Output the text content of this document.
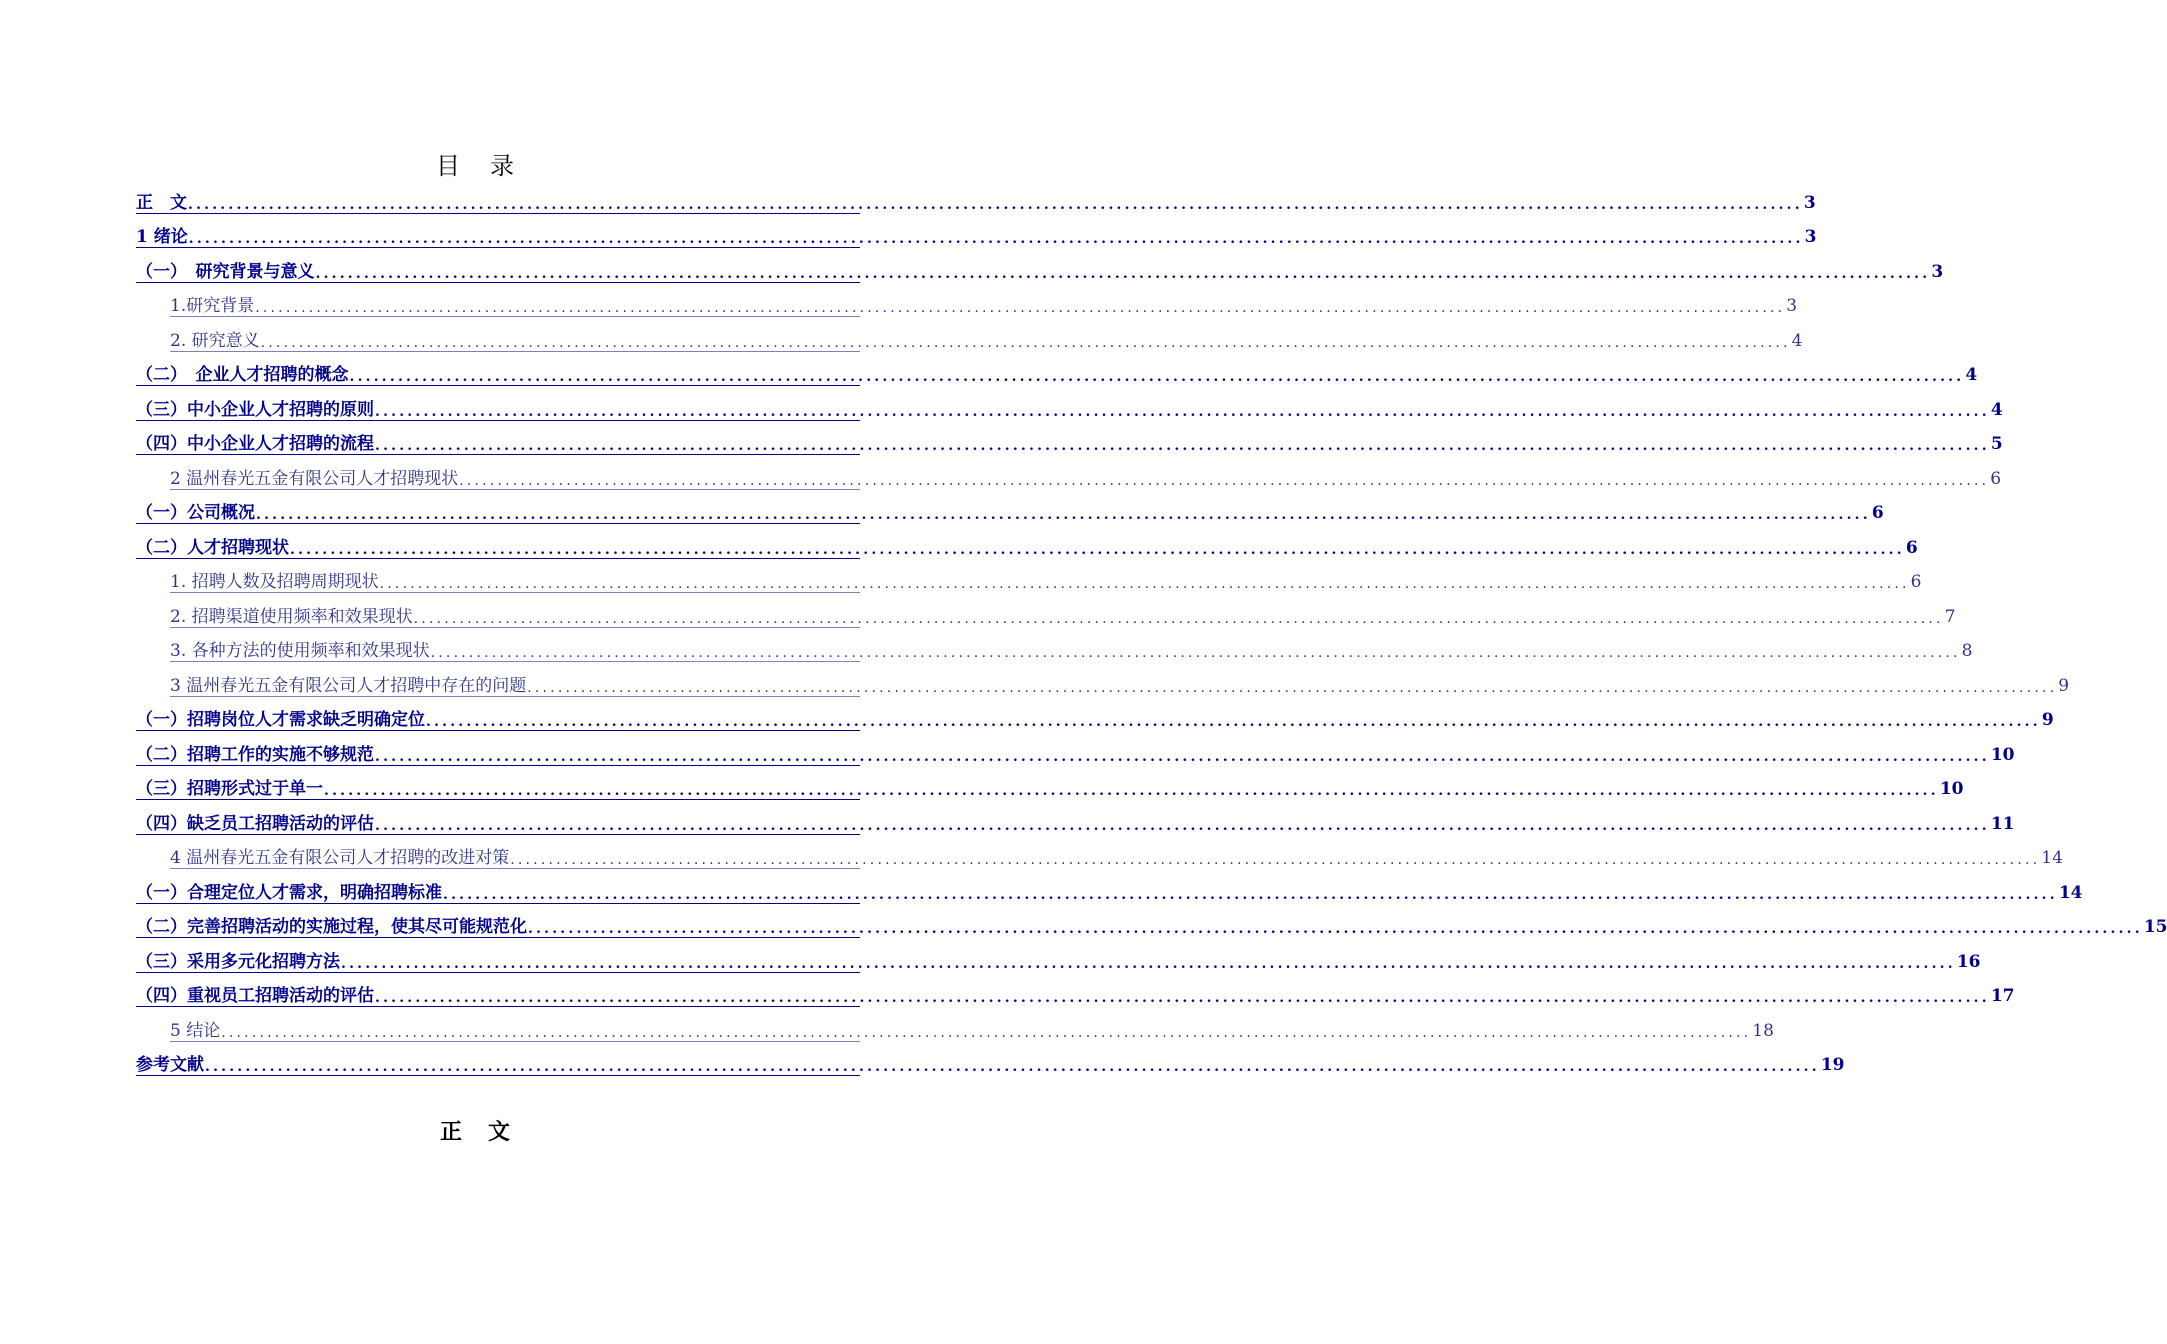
目录
正　文 ........................................................................................................................................................................................................ 3
1 绪论 ........................................................................................................................................................................................................ 3
（一）　研究背景与意义 ........................................................................................................................................................................................................ 3
1.研究背景 ........................................................................................................................................................................................................ 3
2. 研究意义 ........................................................................................................................................................................................................ 4
（二）　企业人才招聘的概念 ........................................................................................................................................................................................................ 4
（三）中小企业人才招聘的原则 ........................................................................................................................................................................................................ 4
（四）中小企业人才招聘的流程 ........................................................................................................................................................................................................ 5
2 温州春光五金有限公司人才招聘现状 ........................................................................................................................................................................................................ 6
（一）公司概况 ........................................................................................................................................................................................................ 6
（二）人才招聘现状 ........................................................................................................................................................................................................ 6
1. 招聘人数及招聘周期现状 ........................................................................................................................................................................................................ 6
2. 招聘渠道使用频率和效果现状 ........................................................................................................................................................................................................ 7
3. 各种方法的使用频率和效果现状 ........................................................................................................................................................................................................ 8
3 温州春光五金有限公司人才招聘中存在的问题 ........................................................................................................................................................................................................ 9
（一）招聘岗位人才需求缺乏明确定位 ........................................................................................................................................................................................................ 9
（二）招聘工作的实施不够规范 ........................................................................................................................................................................................................ 10
（三）招聘形式过于单一 ........................................................................................................................................................................................................ 10
（四）缺乏员工招聘活动的评估 ........................................................................................................................................................................................................ 11
4 温州春光五金有限公司人才招聘的改进对策 ........................................................................................................................................................................................................ 14
（一）合理定位人才需求，明确招聘标准 ........................................................................................................................................................................................................ 14
（二）完善招聘活动的实施过程，使其尽可能规范化 ........................................................................................................................................................................................................ 15
（三）采用多元化招聘方法 ........................................................................................................................................................................................................ 16
（四）重视员工招聘活动的评估 ........................................................................................................................................................................................................ 17
5 结论 ........................................................................................................................................................................................................ 18
参考文献 ........................................................................................................................................................................................................ 19
正文
